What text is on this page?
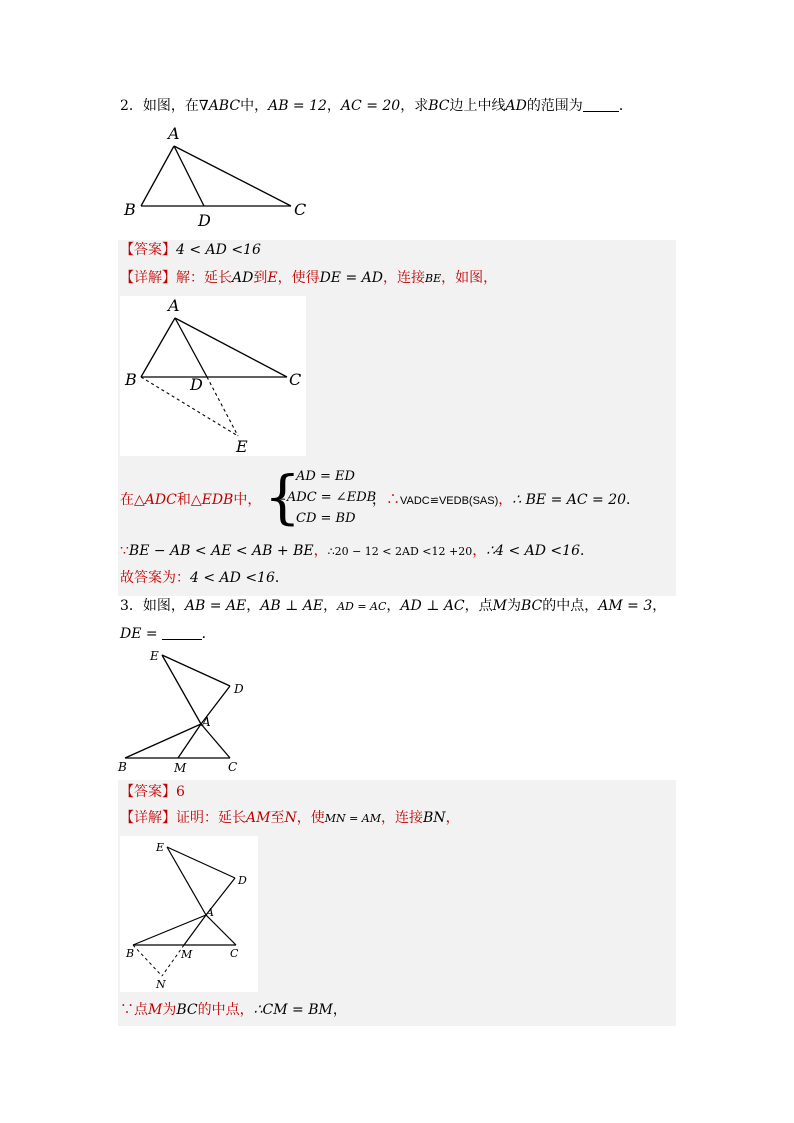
2．如图，在∇ABC中，AB = 12，AC = 20，求BC边上中线AD的范围为	．
A
B	C
D
【答案】4 < AD <16
【详解】解：延长AD到E，使得DE = AD，连接BE，如图，
A
B	C
D
E
在△ADC和△EDB中， {
AD = ED
∠ADC = ∠EDB
CD = BD
，∴VADC≌VEDB(SAS)，∴ BE = AC = 20．
∵BE − AB < AE < AB + BE，∴20 − 12 < 2AD <12 +20，∴4 < AD <16．
故答案为：4 < AD <16．
3．如图，AB = AE，AB ⊥ AE，AD = AC，AD ⊥ AC，点M为BC的中点，AM = 3，
DE =	．
E
D
A
B	M	C
【答案】6
【详解】证明：延长AM至N，使MN = AM，连接BN，
E
D
A
B	M	C
N
∵点M为BC的中点，∴CM = BM，
